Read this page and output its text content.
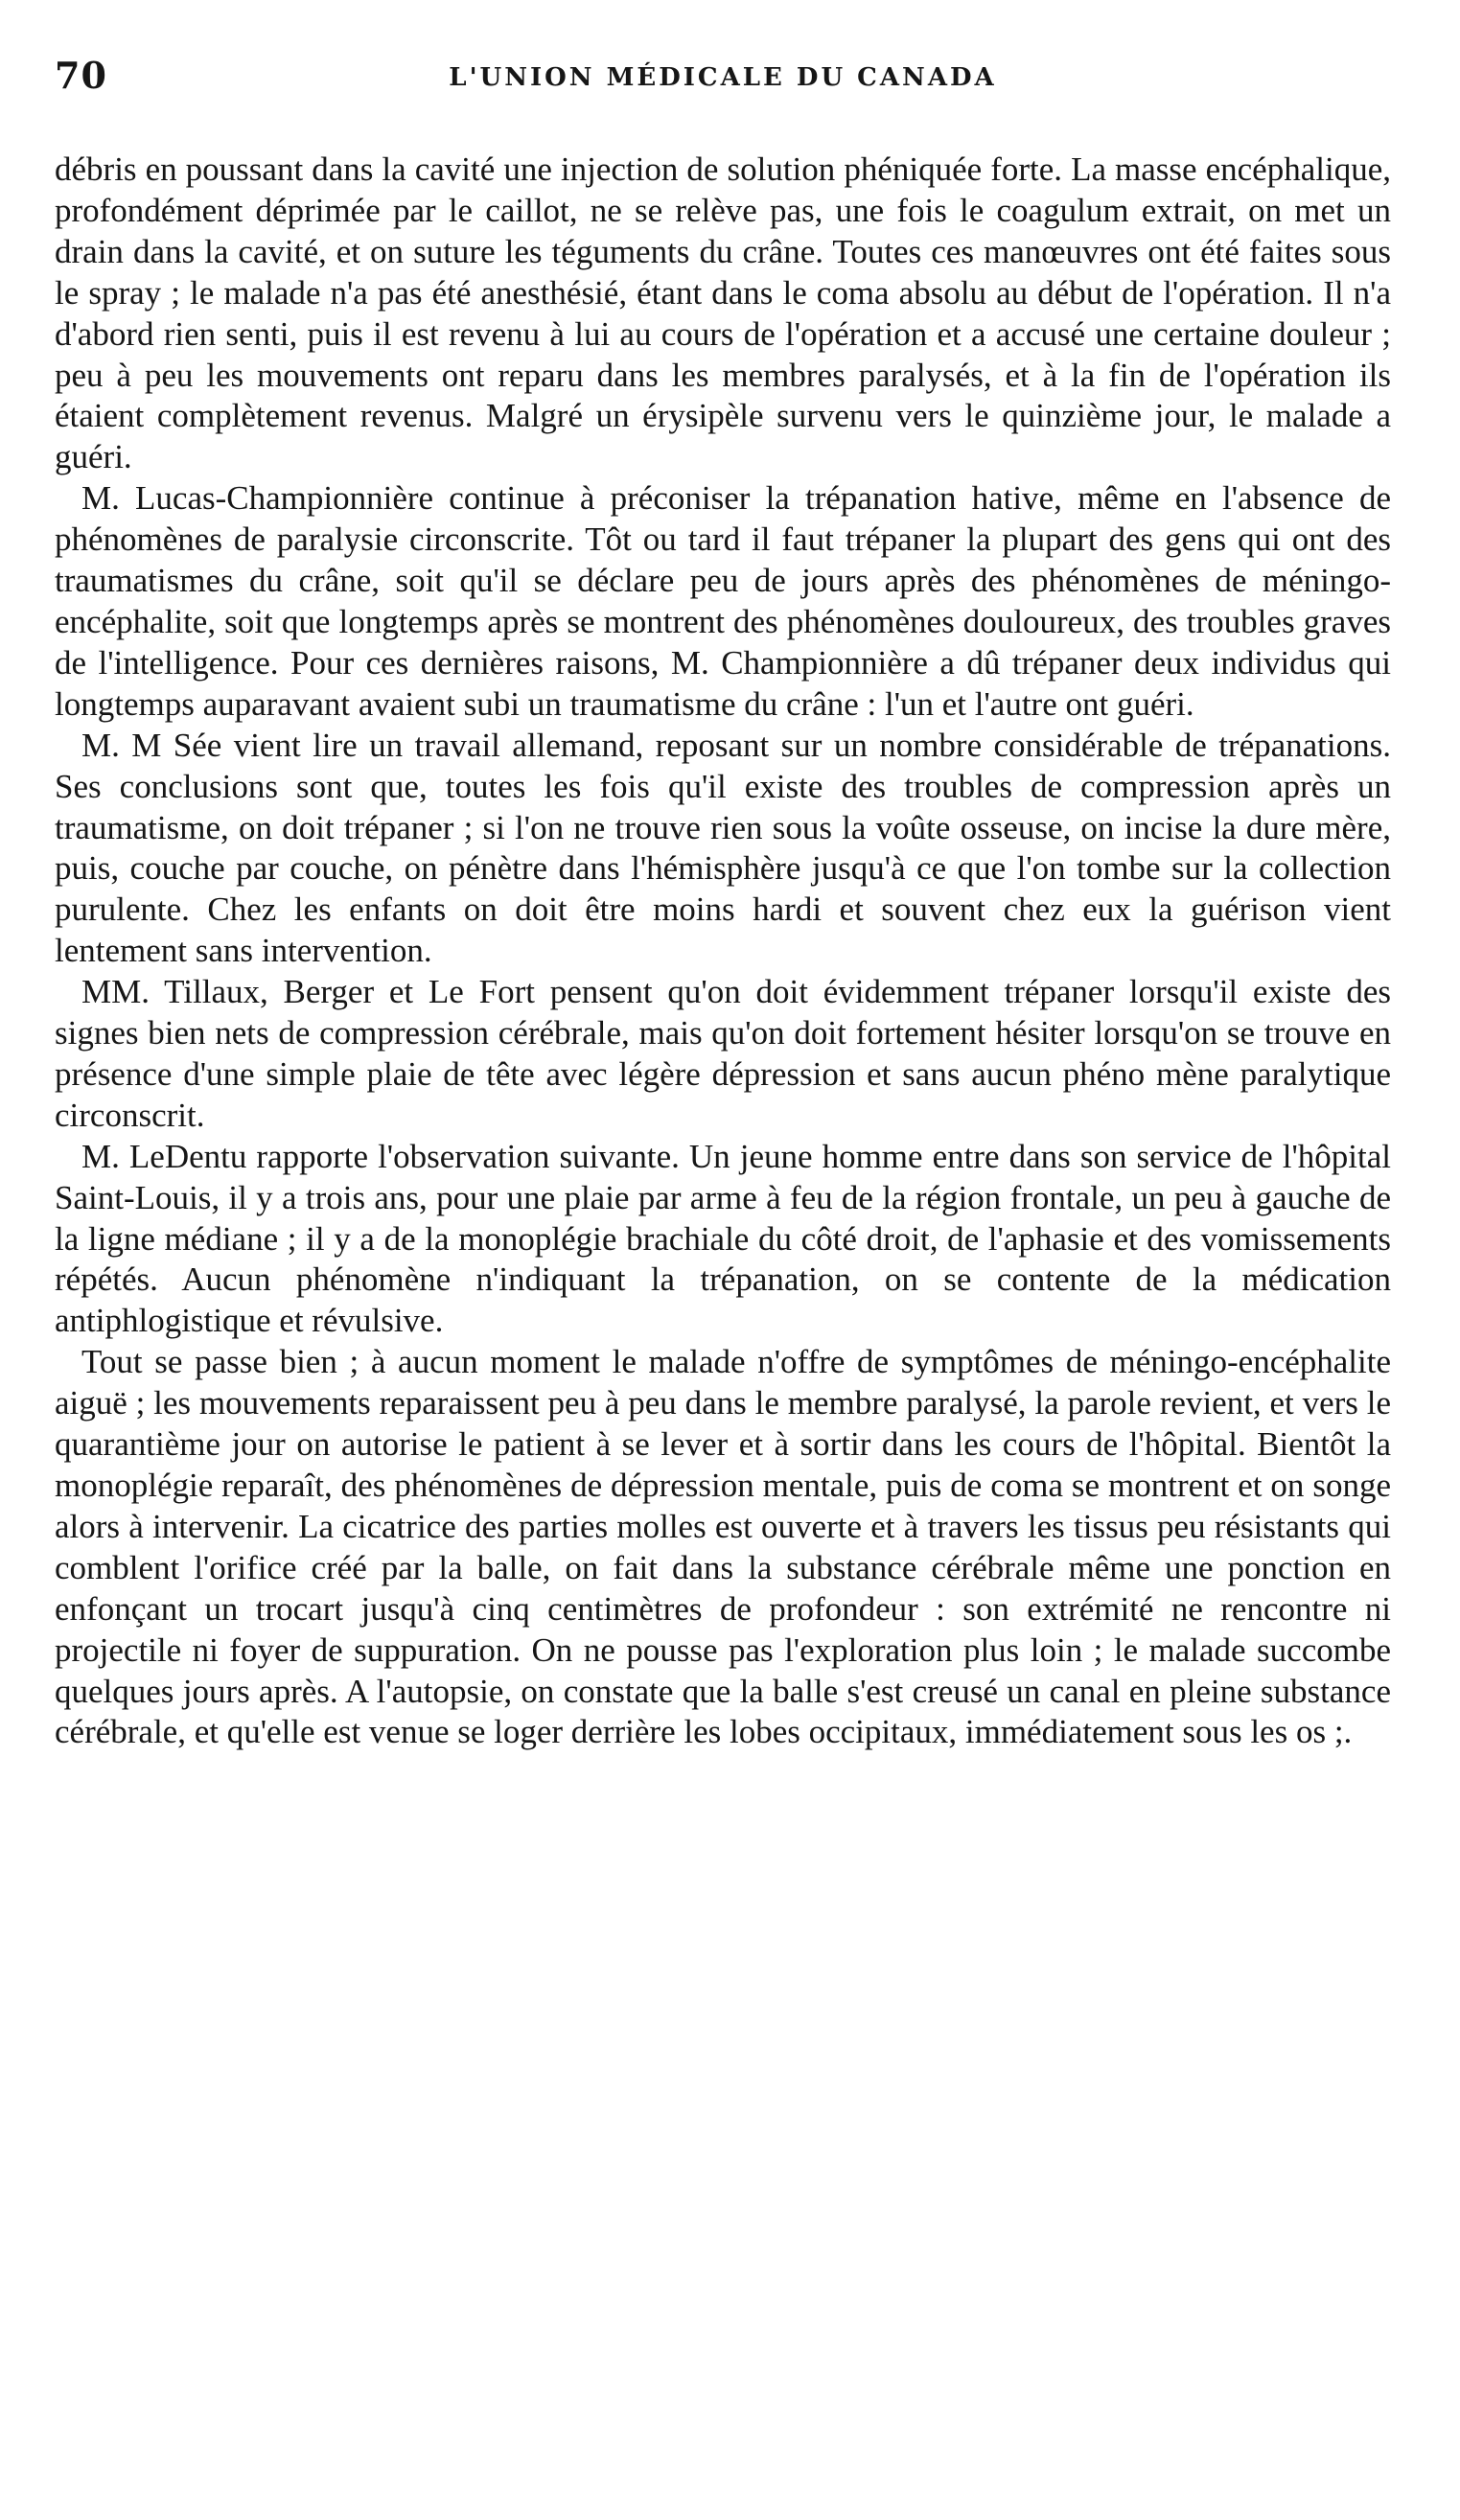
70	L'UNION MÉDICALE DU CANADA

débris en poussant dans la cavité une injection de solution phéniquée forte. La masse encéphalique, profondément déprimée par le caillot, ne se relève pas, une fois le coagulum extrait, on met un drain dans la cavité, et on suture les téguments du crâne. Toutes ces manœuvres ont été faites sous le spray ; le malade n'a pas été anesthésié, étant dans le coma absolu au début de l'opération. Il n'a d'abord rien senti, puis il est revenu à lui au cours de l'opération et a accusé une certaine douleur ; peu à peu les mouvements ont reparu dans les membres paralysés, et à la fin de l'opération ils étaient complètement revenus. Malgré un érysipèle survenu vers le quinzième jour, le malade a guéri.

M. Lucas-Championnière continue à préconiser la trépanation hative, même en l'absence de phénomènes de paralysie circonscrite. Tôt ou tard il faut trépaner la plupart des gens qui ont des traumatismes du crâne, soit qu'il se déclare peu de jours après des phénomènes de méningo-encéphalite, soit que longtemps après se montrent des phénomènes douloureux, des troubles graves de l'intelligence. Pour ces dernières raisons, M. Championnière a dû trépaner deux individus qui longtemps auparavant avaient subi un traumatisme du crâne : l'un et l'autre ont guéri.

M. M Sée vient lire un travail allemand, reposant sur un nombre considérable de trépanations. Ses conclusions sont que, toutes les fois qu'il existe des troubles de compression après un traumatisme, on doit trépaner ; si l'on ne trouve rien sous la voûte osseuse, on incise la dure mère, puis, couche par couche, on pénètre dans l'hémisphère jusqu'à ce que l'on tombe sur la collection purulente. Chez les enfants on doit être moins hardi et souvent chez eux la guérison vient lentement sans intervention.

MM. Tillaux, Berger et Le Fort pensent qu'on doit évidemment trépaner lorsqu'il existe des signes bien nets de compression cérébrale, mais qu'on doit fortement hésiter lorsqu'on se trouve en présence d'une simple plaie de tête avec légère dépression et sans aucun phéno mène paralytique circonscrit.

M. LeDentu rapporte l'observation suivante. Un jeune homme entre dans son service de l'hôpital Saint-Louis, il y a trois ans, pour une plaie par arme à feu de la région frontale, un peu à gauche de la ligne médiane ; il y a de la monoplégie brachiale du côté droit, de l'aphasie et des vomissements répétés. Aucun phénomène n'indiquant la trépanation, on se contente de la médication antiphlogistique et révulsive.

Tout se passe bien ; à aucun moment le malade n'offre de symptômes de méningo-encéphalite aiguë ; les mouvements reparaissent peu à peu dans le membre paralysé, la parole revient, et vers le quarantième jour on autorise le patient à se lever et à sortir dans les cours de l'hôpital. Bientôt la monoplégie reparaît, des phénomènes de dépression mentale, puis de coma se montrent et on songe alors à intervenir. La cicatrice des parties molles est ouverte et à travers les tissus peu résistants qui comblent l'orifice créé par la balle, on fait dans la substance cérébrale même une ponction en enfonçant un trocart jusqu'à cinq centimètres de profondeur : son extrémité ne rencontre ni projectile ni foyer de suppuration. On ne pousse pas l'exploration plus loin ; le malade succombe quelques jours après. A l'autopsie, on constate que la balle s'est creusé un canal en pleine substance cérébrale, et qu'elle est venue se loger derrière les lobes occipitaux, immédiatement sous les os ;.
